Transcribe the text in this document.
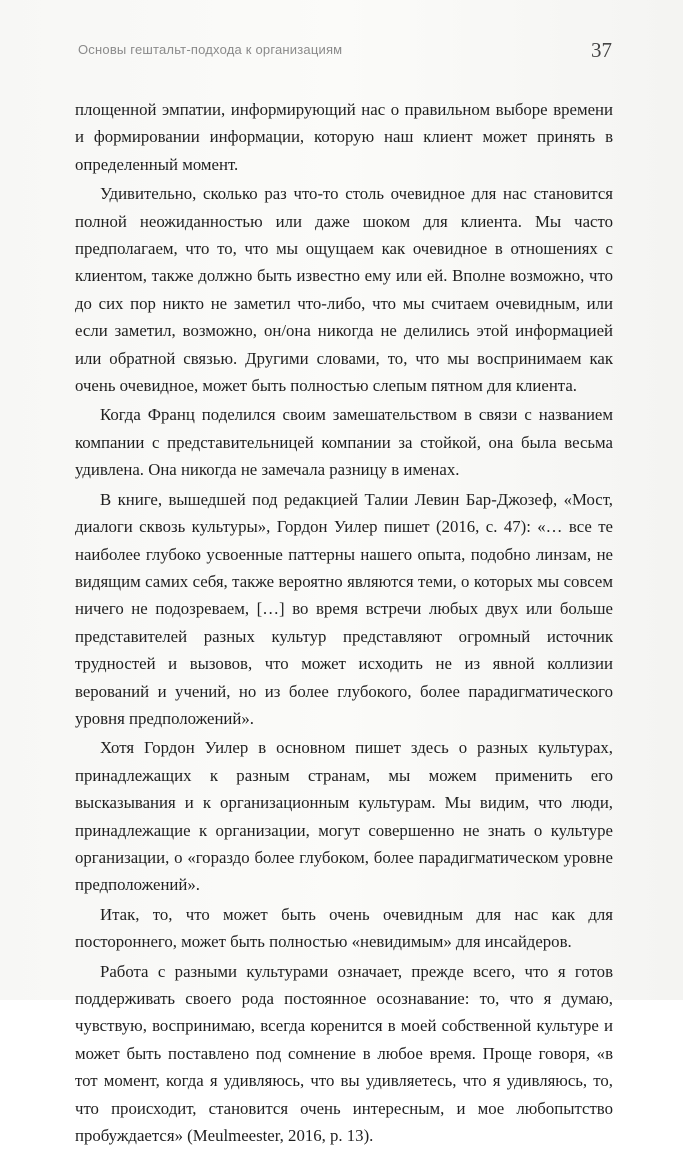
Основы гештальт-подхода к организациям	37

площенной эмпатии, информирующий нас о правильном выборе времени и формировании информации, которую наш клиент может принять в определенный момент.

Удивительно, сколько раз что-то столь очевидное для нас становится полной неожиданностью или даже шоком для клиента. Мы часто предполагаем, что то, что мы ощущаем как очевидное в отношениях с клиентом, также должно быть известно ему или ей. Вполне возможно, что до сих пор никто не заметил что-либо, что мы считаем очевидным, или если заметил, возможно, он/она никогда не делились этой информацией или обратной связью. Другими словами, то, что мы воспринимаем как очень очевидное, может быть полностью слепым пятном для клиента.

Когда Франц поделился своим замешательством в связи с названием компании с представительницей компании за стойкой, она была весьма удивлена. Она никогда не замечала разницу в именах.

В книге, вышедшей под редакцией Талии Левин Бар-Джозеф, «Мост, диалоги сквозь культуры», Гордон Уилер пишет (2016, с. 47): «… все те наиболее глубоко усвоенные паттерны нашего опыта, подобно линзам, не видящим самих себя, также вероятно являются теми, о которых мы совсем ничего не подозреваем, […] во время встречи любых двух или больше представителей разных культур представляют огромный источник трудностей и вызовов, что может исходить не из явной коллизии верований и учений, но из более глубокого, более парадигматического уровня предположений».

Хотя Гордон Уилер в основном пишет здесь о разных культурах, принадлежащих к разным странам, мы можем применить его высказывания и к организационным культурам. Мы видим, что люди, принадлежащие к организации, могут совершенно не знать о культуре организации, о «гораздо более глубоком, более парадигматическом уровне предположений».

Итак, то, что может быть очень очевидным для нас как для постороннего, может быть полностью «невидимым» для инсайдеров.

Работа с разными культурами означает, прежде всего, что я готов поддерживать своего рода постоянное осознавание: то, что я думаю, чувствую, воспринимаю, всегда коренится в моей собственной культуре и может быть поставлено под сомнение в любое время. Проще говоря, «в тот момент, когда я удивляюсь, что вы удивляетесь, что я удивляюсь, то, что происходит, становится очень интересным, и мое любопытство пробуждается» (Meulmeester, 2016, p. 13).
